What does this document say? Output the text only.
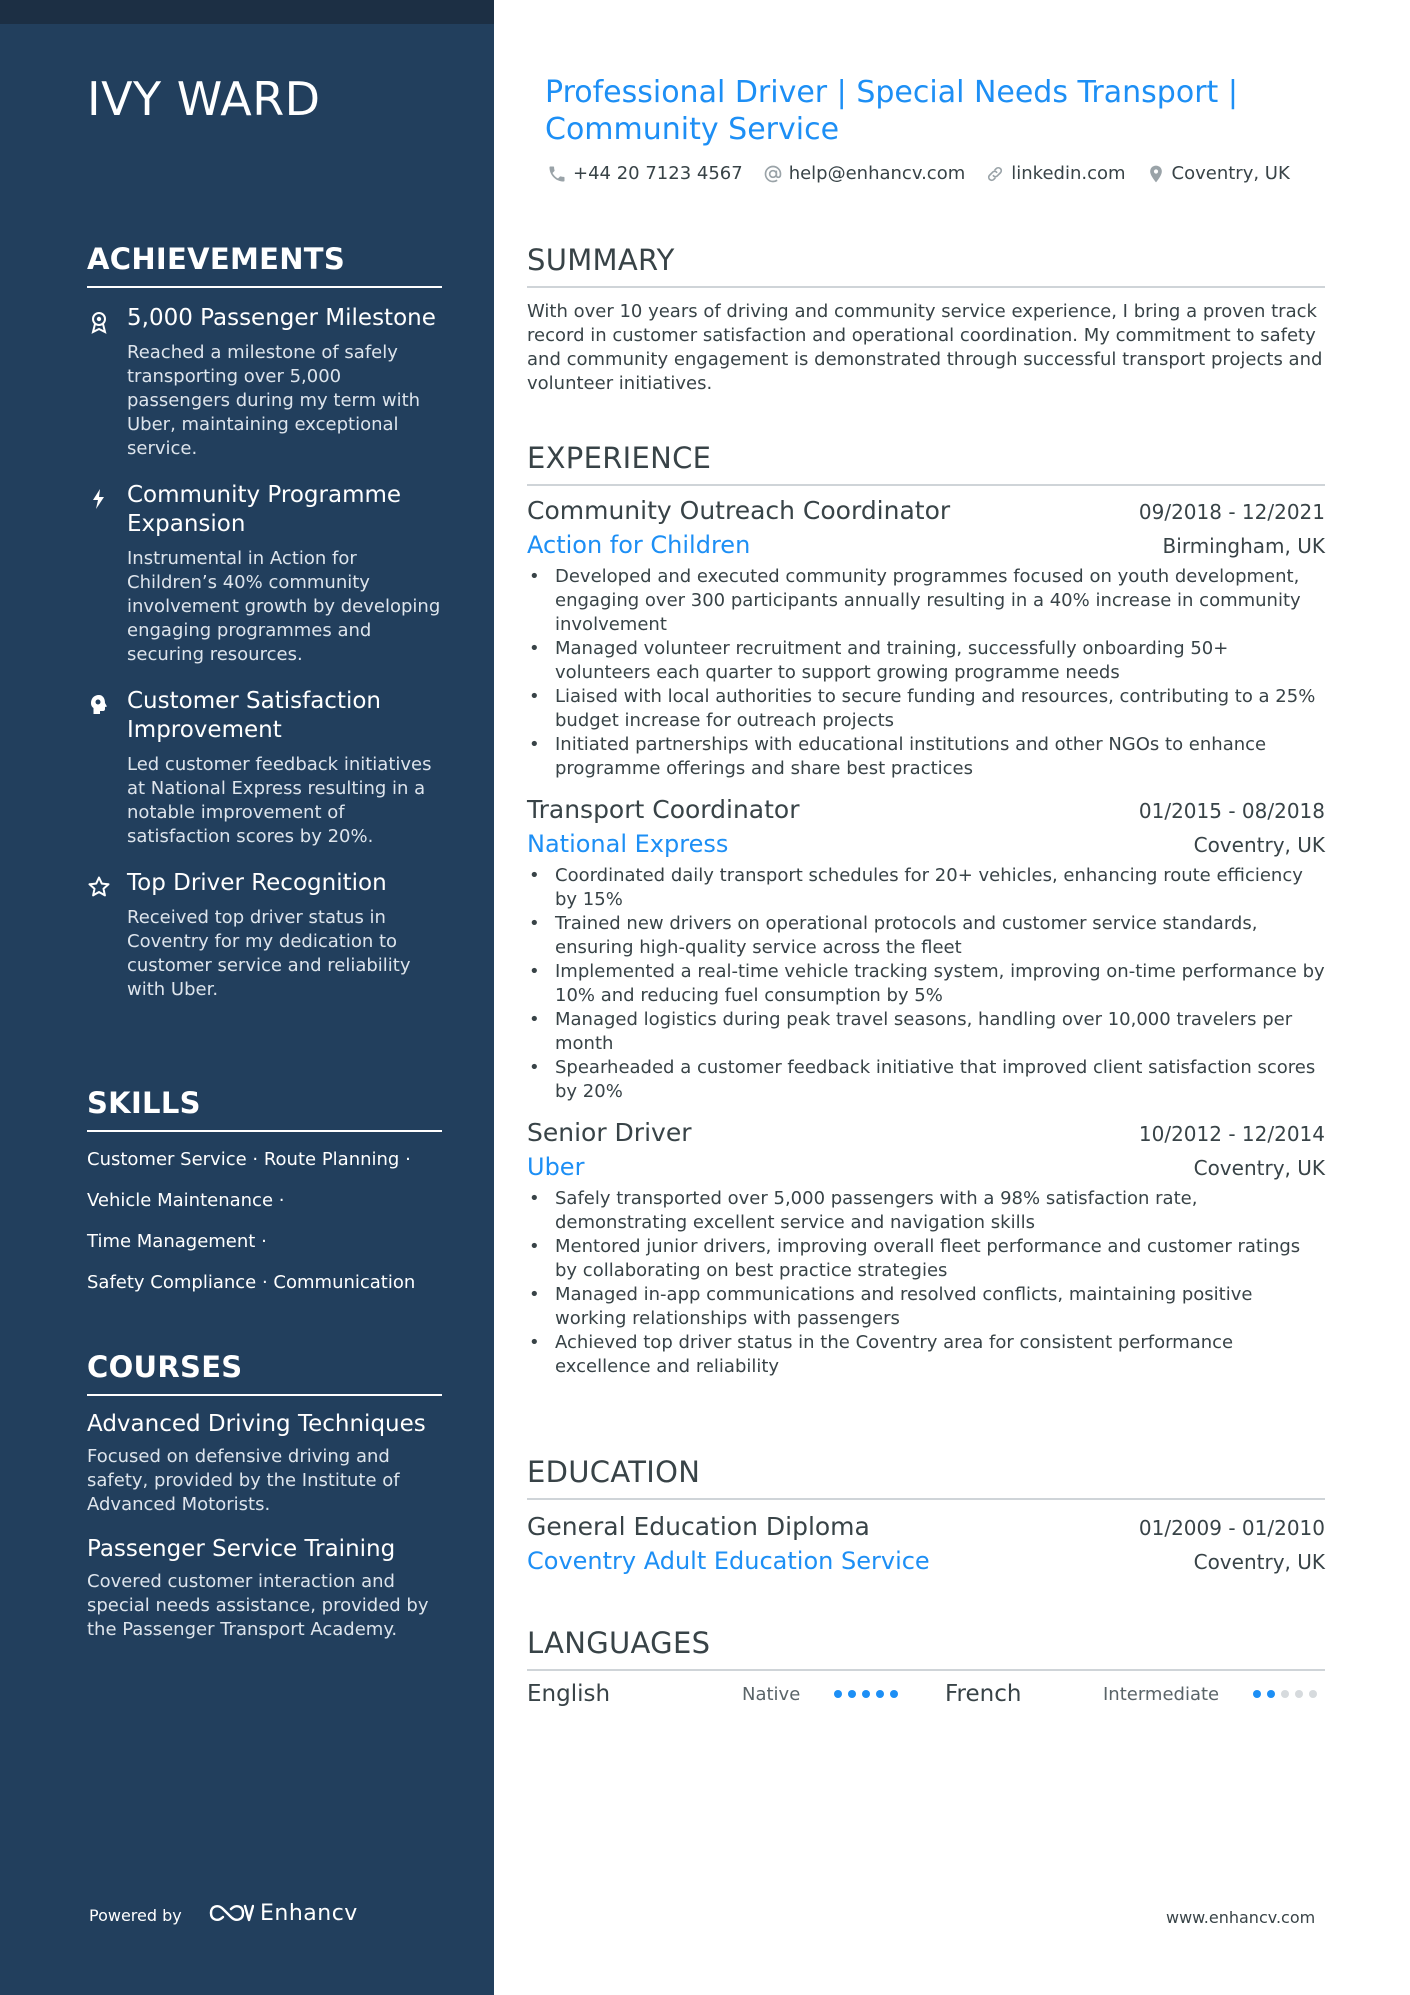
IVY WARD
ACHIEVEMENTS
5,000 Passenger Milestone
Reached a milestone of safely transporting over 5,000 passengers during my term with Uber, maintaining exceptional service.
Community Programme Expansion
Instrumental in Action for Children’s 40% community involvement growth by developing engaging programmes and securing resources.
Customer Satisfaction Improvement
Led customer feedback initiatives at National Express resulting in a notable improvement of satisfaction scores by 20%.
Top Driver Recognition
Received top driver status in Coventry for my dedication to customer service and reliability with Uber.
SKILLS
Customer Service · Route Planning ·
Vehicle Maintenance ·
Time Management ·
Safety Compliance · Communication
COURSES
Advanced Driving Techniques
Focused on defensive driving and safety, provided by the Institute of Advanced Motorists.
Passenger Service Training
Covered customer interaction and special needs assistance, provided by the Passenger Transport Academy.
Powered by	Enhancv
Professional Driver | Special Needs Transport | Community Service
+44 20 7123 4567	help@enhancv.com	linkedin.com	Coventry, UK
SUMMARY
With over 10 years of driving and community service experience, I bring a proven track record in customer satisfaction and operational coordination. My commitment to safety and community engagement is demonstrated through successful transport projects and volunteer initiatives.
EXPERIENCE
Community Outreach Coordinator	09/2018 - 12/2021
Action for Children	Birmingham, UK
• Developed and executed community programmes focused on youth development, engaging over 300 participants annually resulting in a 40% increase in community involvement
• Managed volunteer recruitment and training, successfully onboarding 50+ volunteers each quarter to support growing programme needs
• Liaised with local authorities to secure funding and resources, contributing to a 25% budget increase for outreach projects
• Initiated partnerships with educational institutions and other NGOs to enhance programme offerings and share best practices
Transport Coordinator	01/2015 - 08/2018
National Express	Coventry, UK
• Coordinated daily transport schedules for 20+ vehicles, enhancing route efficiency by 15%
• Trained new drivers on operational protocols and customer service standards, ensuring high-quality service across the fleet
• Implemented a real-time vehicle tracking system, improving on-time performance by 10% and reducing fuel consumption by 5%
• Managed logistics during peak travel seasons, handling over 10,000 travelers per month
• Spearheaded a customer feedback initiative that improved client satisfaction scores by 20%
Senior Driver	10/2012 - 12/2014
Uber	Coventry, UK
• Safely transported over 5,000 passengers with a 98% satisfaction rate, demonstrating excellent service and navigation skills
• Mentored junior drivers, improving overall fleet performance and customer ratings by collaborating on best practice strategies
• Managed in-app communications and resolved conflicts, maintaining positive working relationships with passengers
• Achieved top driver status in the Coventry area for consistent performance excellence and reliability
EDUCATION
General Education Diploma	01/2009 - 01/2010
Coventry Adult Education Service	Coventry, UK
LANGUAGES
English	Native	French	Intermediate
www.enhancv.com
